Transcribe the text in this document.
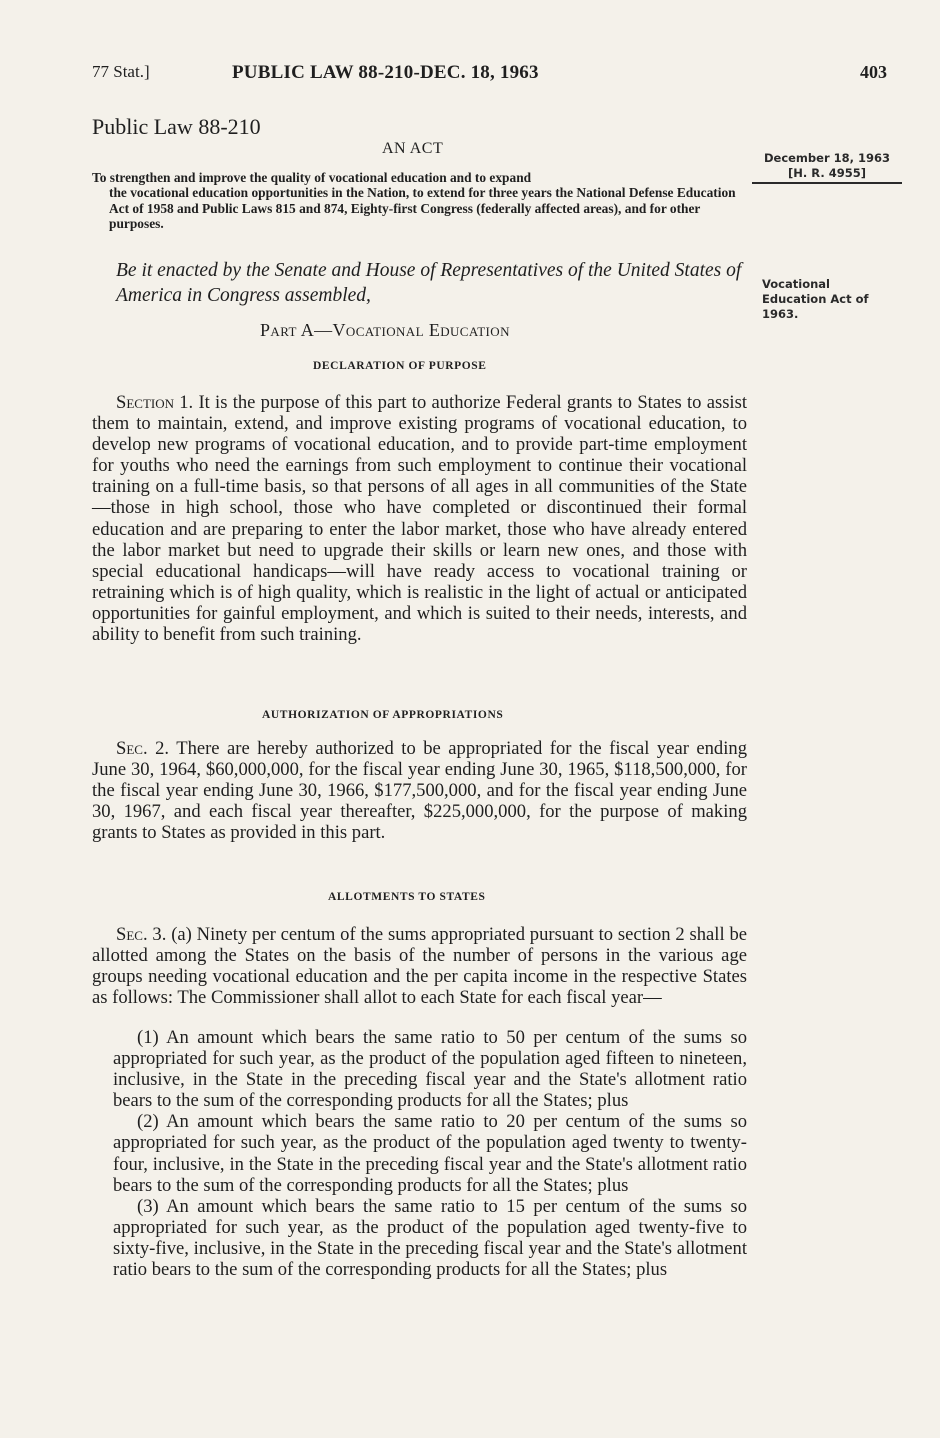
77 Stat.]	PUBLIC LAW 88-210-DEC. 18, 1963	403
Public Law 88-210
AN ACT
December 18, 1963
[H. R. 4955]
Vocational Education Act of 1963.
To strengthen and improve the quality of vocational education and to expand
the vocational education opportunities in the Nation, to extend for three years the National Defense Education Act of 1958 and Public Laws 815 and 874, Eighty-first Congress (federally affected areas), and for other purposes.
Be it enacted by the Senate and House of Representatives of the United States of America in Congress assembled,
Part A—Vocational Education
DECLARATION OF PURPOSE
Section 1. It is the purpose of this part to authorize Federal grants to States to assist them to maintain, extend, and improve existing programs of vocational education, to develop new programs of vocational education, and to provide part-time employment for youths who need the earnings from such employment to continue their vocational training on a full-time basis, so that persons of all ages in all communities of the State—those in high school, those who have completed or discontinued their formal education and are preparing to enter the labor market, those who have already entered the labor market but need to upgrade their skills or learn new ones, and those with special educational handicaps—will have ready access to vocational training or retraining which is of high quality, which is realistic in the light of actual or anticipated opportunities for gainful employment, and which is suited to their needs, interests, and ability to benefit from such training.
AUTHORIZATION OF APPROPRIATIONS
Sec. 2. There are hereby authorized to be appropriated for the fiscal year ending June 30, 1964, $60,000,000, for the fiscal year ending June 30, 1965, $118,500,000, for the fiscal year ending June 30, 1966, $177,500,000, and for the fiscal year ending June 30, 1967, and each fiscal year thereafter, $225,000,000, for the purpose of making grants to States as provided in this part.
ALLOTMENTS TO STATES
Sec. 3. (a) Ninety per centum of the sums appropriated pursuant to section 2 shall be allotted among the States on the basis of the number of persons in the various age groups needing vocational education and the per capita income in the respective States as follows: The Commissioner shall allot to each State for each fiscal year—

(1) An amount which bears the same ratio to 50 per centum of the sums so appropriated for such year, as the product of the population aged fifteen to nineteen, inclusive, in the State in the preceding fiscal year and the State's allotment ratio bears to the sum of the corresponding products for all the States; plus

(2) An amount which bears the same ratio to 20 per centum of the sums so appropriated for such year, as the product of the population aged twenty to twenty-four, inclusive, in the State in the preceding fiscal year and the State's allotment ratio bears to the sum of the corresponding products for all the States; plus

(3) An amount which bears the same ratio to 15 per centum of the sums so appropriated for such year, as the product of the population aged twenty-five to sixty-five, inclusive, in the State in the preceding fiscal year and the State's allotment ratio bears to the sum of the corresponding products for all the States; plus
